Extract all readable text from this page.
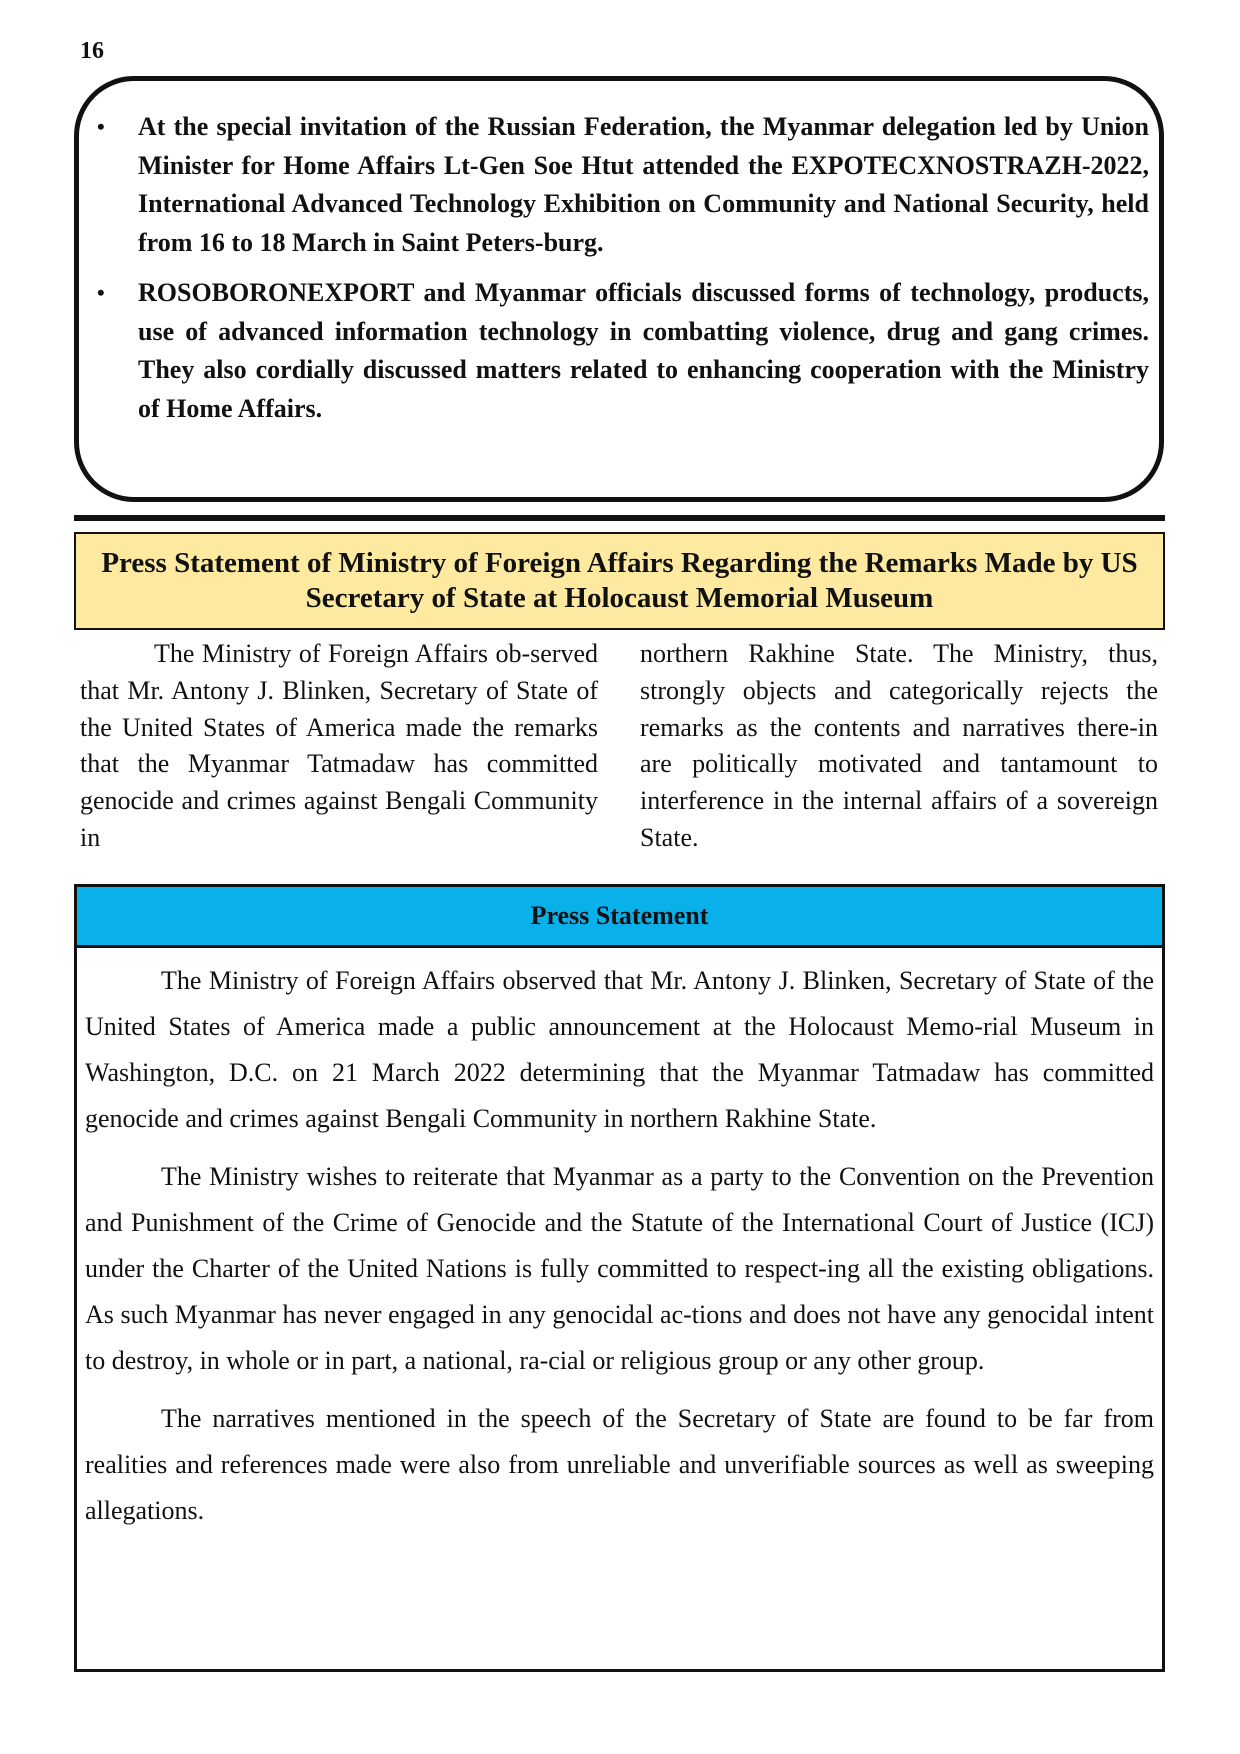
16
• At the special invitation of the Russian Federation, the Myanmar delegation led by Union Minister for Home Affairs Lt-Gen Soe Htut attended the EXPOTECXNOSTRAZH-2022, International Advanced Technology Exhibition on Community and National Security, held from 16 to 18 March in Saint Peters-burg.
• ROSOBORONEXPORT and Myanmar officials discussed forms of technology, products, use of advanced information technology in combatting violence, drug and gang crimes. They also cordially discussed matters related to enhancing cooperation with the Ministry of Home Affairs.
Press Statement of Ministry of Foreign Affairs Regarding the Remarks Made by US Secretary of State at Holocaust Memorial Museum

The Ministry of Foreign Affairs ob-served that Mr. Antony J. Blinken, Secretary of State of the United States of America made the remarks that the Myanmar Tatmadaw has committed genocide and crimes against Bengali Community in

northern Rakhine State. The Ministry, thus, strongly objects and categorically rejects the remarks as the contents and narratives there-in are politically motivated and tantamount to interference in the internal affairs of a sovereign State.

Press Statement

The Ministry of Foreign Affairs observed that Mr. Antony J. Blinken, Secretary of State of the United States of America made a public announcement at the Holocaust Memo-rial Museum in Washington, D.C. on 21 March 2022 determining that the Myanmar Tatmadaw has committed genocide and crimes against Bengali Community in northern Rakhine State.

The Ministry wishes to reiterate that Myanmar as a party to the Convention on the Prevention and Punishment of the Crime of Genocide and the Statute of the International Court of Justice (ICJ) under the Charter of the United Nations is fully committed to respect-ing all the existing obligations. As such Myanmar has never engaged in any genocidal ac-tions and does not have any genocidal intent to destroy, in whole or in part, a national, ra-cial or religious group or any other group.

The narratives mentioned in the speech of the Secretary of State are found to be far from realities and references made were also from unreliable and unverifiable sources as well as sweeping allegations.
